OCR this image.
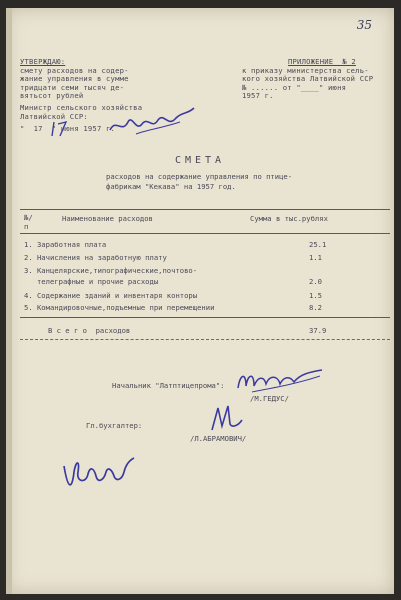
35
УТВЕРЖДАЮ:
смету расходов на содер-
жание управления в сумме
тридцати семи тысяч де-
вятьсот рублей
Министр сельского хозяйства
Латвийской ССР:
"  17  " июня 1957 г.
ПРИЛОЖЕНИЕ  № 2
к приказу министерства сель-
кого хозяйства Латвийской ССР
№ ...... от "____" июня
1957 г.
СМЕТА
расходов на содержание управления по птице-
фабрикам "Кекава" на 1957 год.
№/
п
Наименование расходов	Сумма в тыс.рублях
1. Заработная плата	25.1
2. Начисления на заработную плату	1.1
3. Канцелярские,типографические,почтово-
телеграфные и прочие расходы	2.0
4. Содержание зданий и инвентаря конторы	1.5
5. Командировочные,подъемные при перемещении	8.2
В с е г о  расходов	37.9
Начальник "Латптицепрома":
/М.ГЕДУС/
Гл.бухгалтер:
/Л.АБРАМОВИЧ/
